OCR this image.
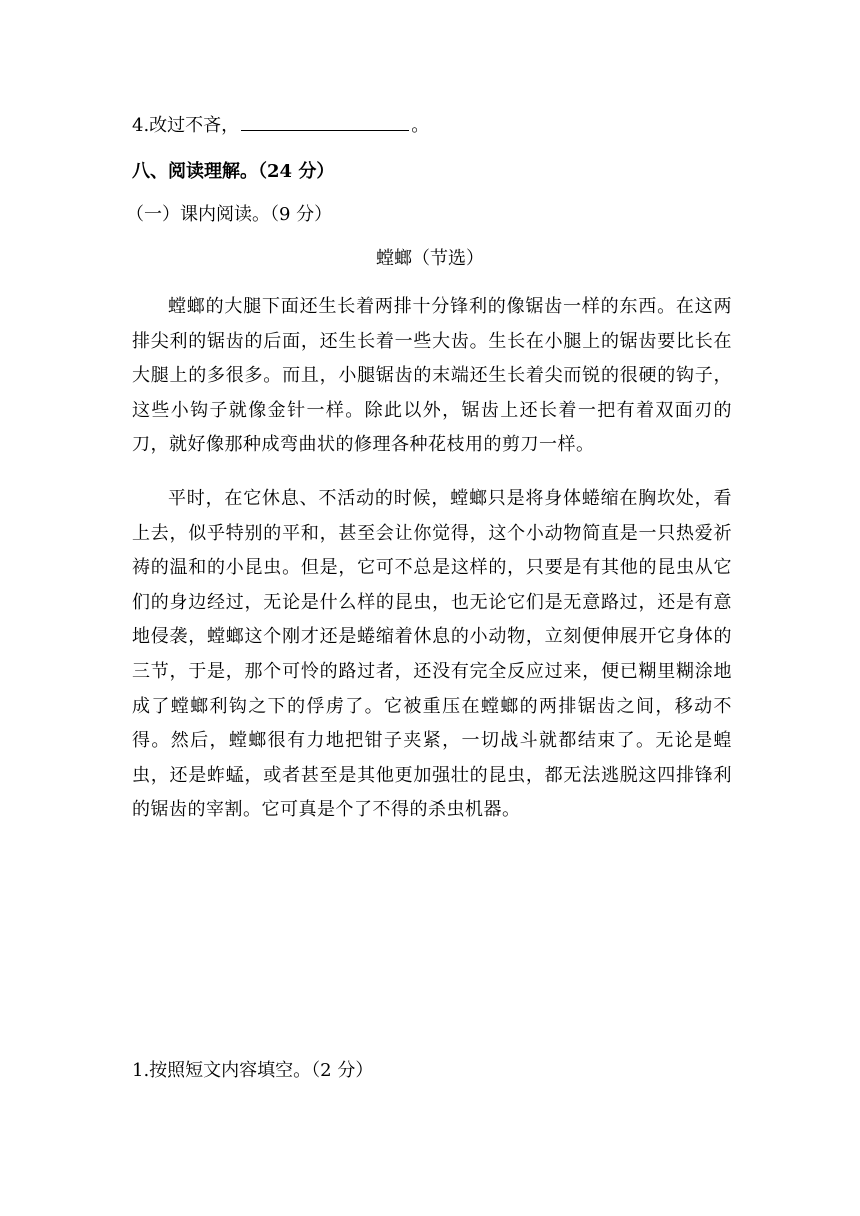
4.改过不吝，	。
八、阅读理解。（24 分）
（一）课内阅读。（9 分）
螳螂（节选）

螳螂的大腿下面还生长着两排十分锋利的像锯齿一样的东西。在这两排尖利的锯齿的后面，还生长着一些大齿。生长在小腿上的锯齿要比长在大腿上的多很多。而且，小腿锯齿的末端还生长着尖而锐的很硬的钩子，这些小钩子就像金针一样。除此以外，锯齿上还长着一把有着双面刃的刀，就好像那种成弯曲状的修理各种花枝用的剪刀一样。

平时，在它休息、不活动的时候，螳螂只是将身体蜷缩在胸坎处，看上去，似乎特别的平和，甚至会让你觉得，这个小动物简直是一只热爱祈祷的温和的小昆虫。但是，它可不总是这样的，只要是有其他的昆虫从它们的身边经过，无论是什么样的昆虫，也无论它们是无意路过，还是有意地侵袭，螳螂这个刚才还是蜷缩着休息的小动物，立刻便伸展开它身体的三节，于是，那个可怜的路过者，还没有完全反应过来，便已糊里糊涂地成了螳螂利钩之下的俘虏了。它被重压在螳螂的两排锯齿之间，移动不得。然后，螳螂很有力地把钳子夹紧，一切战斗就都结束了。无论是蝗虫，还是蚱蜢，或者甚至是其他更加强壮的昆虫，都无法逃脱这四排锋利的锯齿的宰割。它可真是个了不得的杀虫机器。

1.按照短文内容填空。（2 分）
